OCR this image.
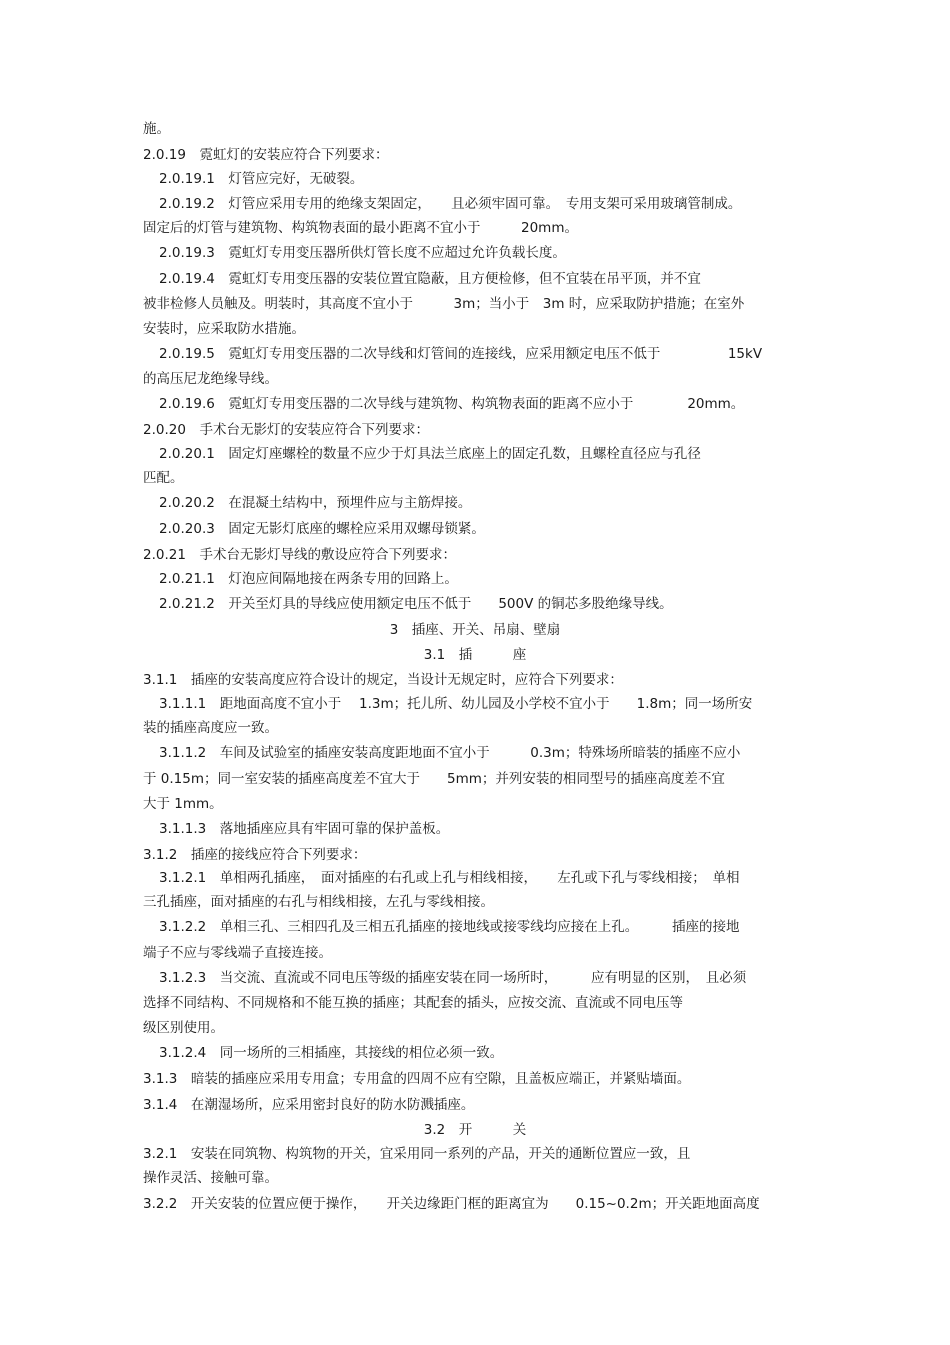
施。
2.0.19　霓虹灯的安装应符合下列要求：
2.0.19.1　灯管应完好，无破裂。
2.0.19.2　灯管应采用专用的绝缘支架固定，　　且必须牢固可靠。　专用支架可采用玻璃管制成。
固定后的灯管与建筑物、构筑物表面的最小距离不宜小于　　　20mm。
2.0.19.3　霓虹灯专用变压器所供灯管长度不应超过允许负载长度。
2.0.19.4　霓虹灯专用变压器的安装位置宜隐蔽，且方便检修，但不宜装在吊平顶，并不宜
被非检修人员触及。明装时，其高度不宜小于　　　3m；当小于　3m 时，应采取防护措施；在室外
安装时，应采取防水措施。
2.0.19.5　霓虹灯专用变压器的二次导线和灯管间的连接线，应采用额定电压不低于　　　　　15kV
的高压尼龙绝缘导线。
2.0.19.6　霓虹灯专用变压器的二次导线与建筑物、构筑物表面的距离不应小于　　　　20mm。
2.0.20　手术台无影灯的安装应符合下列要求：
2.0.20.1　固定灯座螺栓的数量不应少于灯具法兰底座上的固定孔数，且螺栓直径应与孔径
匹配。
2.0.20.2　在混凝土结构中，预埋件应与主筋焊接。
2.0.20.3　固定无影灯底座的螺栓应采用双螺母锁紧。
2.0.21　手术台无影灯导线的敷设应符合下列要求：
2.0.21.1　灯泡应间隔地接在两条专用的回路上。
2.0.21.2　开关至灯具的导线应使用额定电压不低于　　500V 的铜芯多股绝缘导线。
3　插座、开关、吊扇、壁扇
3.1　插　　　座
3.1.1　插座的安装高度应符合设计的规定，当设计无规定时，应符合下列要求：
3.1.1.1　距地面高度不宜小于　 1.3m；托儿所、幼儿园及小学校不宜小于　　1.8m；同一场所安
装的插座高度应一致。
3.1.1.2　车间及试验室的插座安装高度距地面不宜小于　　　0.3m；特殊场所暗装的插座不应小
于 0.15m；同一室安装的插座高度差不宜大于　　5mm；并列安装的相同型号的插座高度差不宜
大于 1mm。
3.1.1.3　落地插座应具有牢固可靠的保护盖板。
3.1.2　插座的接线应符合下列要求：
3.1.2.1　单相两孔插座，　面对插座的右孔或上孔与相线相接，　　左孔或下孔与零线相接；　单相
三孔插座，面对插座的右孔与相线相接，左孔与零线相接。
3.1.2.2　单相三孔、三相四孔及三相五孔插座的接地线或接零线均应接在上孔。　　　插座的接地
端子不应与零线端子直接连接。
3.1.2.3　当交流、直流或不同电压等级的插座安装在同一场所时，　　　应有明显的区别，　且必须
选择不同结构、不同规格和不能互换的插座；其配套的插头，应按交流、直流或不同电压等
级区别使用。
3.1.2.4　同一场所的三相插座，其接线的相位必须一致。
3.1.3　暗装的插座应采用专用盒；专用盒的四周不应有空隙，且盖板应端正，并紧贴墙面。
3.1.4　在潮湿场所，应采用密封良好的防水防溅插座。
3.2　开　　　关
3.2.1　安装在同筑物、构筑物的开关，宜采用同一系列的产品，开关的通断位置应一致，且
操作灵活、接触可靠。
3.2.2　开关安装的位置应便于操作，　　开关边缘距门框的距离宜为　　0.15~0.2m；开关距地面高度
